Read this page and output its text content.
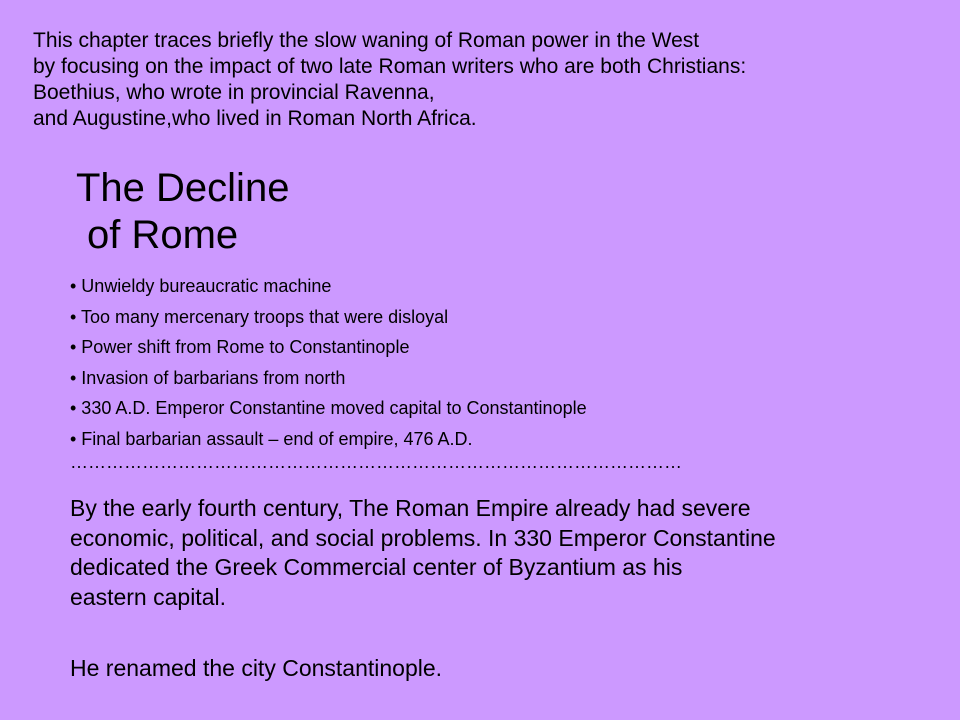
This chapter traces briefly the slow waning of Roman power in the West
by focusing on the impact of two late Roman writers who are both Christians:
Boethius, who wrote in provincial Ravenna,
and Augustine,who lived in Roman North Africa.
The Decline
of Rome
• Unwieldy bureaucratic machine
• Too many mercenary troops that were disloyal
• Power shift from Rome to Constantinople
• Invasion of barbarians from north
• 330 A.D. Emperor Constantine moved capital to Constantinople
• Final barbarian assault – end of empire, 476 A.D.
…………………………………………………………………………………………
By the early fourth century, The Roman Empire already had severe
economic, political, and social problems. In 330 Emperor Constantine
dedicated the Greek Commercial center of Byzantium as his
eastern capital.
He renamed the city Constantinople.
